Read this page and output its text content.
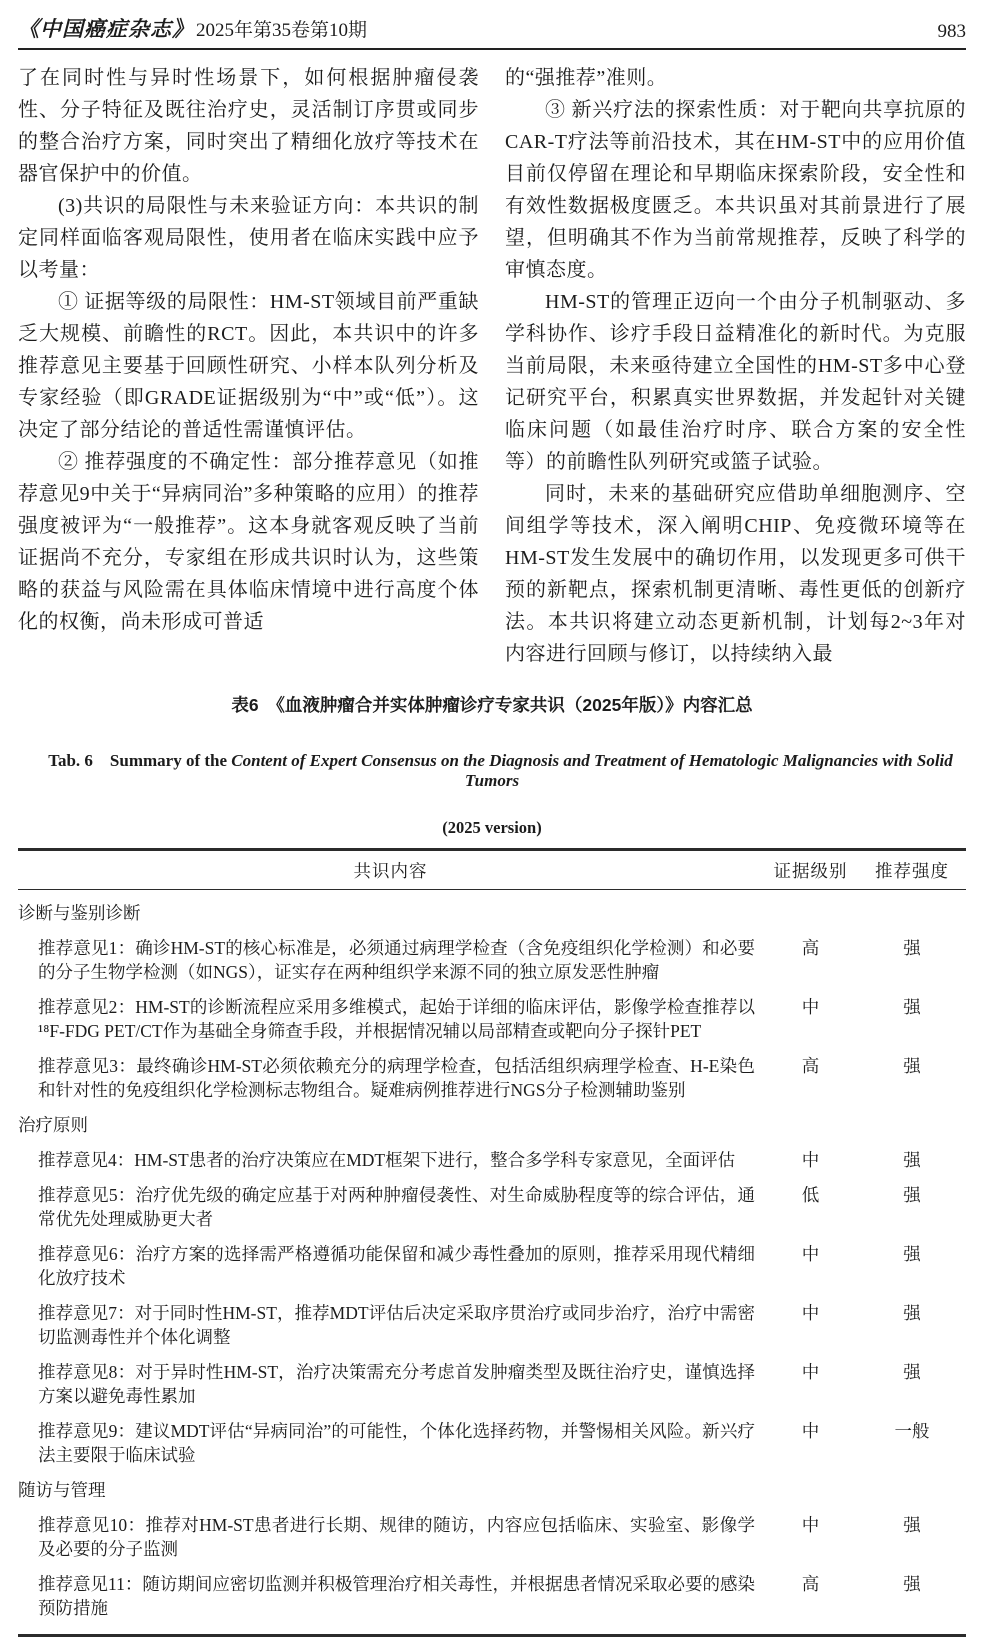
《中国癌症杂志》 2025年第35卷第10期	983

了在同时性与异时性场景下，如何根据肿瘤侵袭性、分子特征及既往治疗史，灵活制订序贯或同步的整合治疗方案，同时突出了精细化放疗等技术在器官保护中的价值。

(3)共识的局限性与未来验证方向：本共识的制定同样面临客观局限性，使用者在临床实践中应予以考量：

① 证据等级的局限性：HM-ST领域目前严重缺乏大规模、前瞻性的RCT。因此，本共识中的许多推荐意见主要基于回顾性研究、小样本队列分析及专家经验（即GRADE证据级别为“中”或“低”）。这决定了部分结论的普适性需谨慎评估。

② 推荐强度的不确定性：部分推荐意见（如推荐意见9中关于“异病同治”多种策略的应用）的推荐强度被评为“一般推荐”。这本身就客观反映了当前证据尚不充分，专家组在形成共识时认为，这些策略的获益与风险需在具体临床情境中进行高度个体化的权衡，尚未形成可普适

的“强推荐”准则。

③ 新兴疗法的探索性质：对于靶向共享抗原的CAR-T疗法等前沿技术，其在HM-ST中的应用价值目前仅停留在理论和早期临床探索阶段，安全性和有效性数据极度匮乏。本共识虽对其前景进行了展望，但明确其不作为当前常规推荐，反映了科学的审慎态度。

HM-ST的管理正迈向一个由分子机制驱动、多学科协作、诊疗手段日益精准化的新时代。为克服当前局限，未来亟待建立全国性的HM-ST多中心登记研究平台，积累真实世界数据，并发起针对关键临床问题（如最佳治疗时序、联合方案的安全性等）的前瞻性队列研究或篮子试验。

同时，未来的基础研究应借助单细胞测序、空间组学等技术，深入阐明CHIP、免疫微环境等在HM-ST发生发展中的确切作用，以发现更多可供干预的新靶点，探索机制更清晰、毒性更低的创新疗法。本共识将建立动态更新机制，计划每2~3年对内容进行回顾与修订，以持续纳入最

表6　《血液肿瘤合并实体肿瘤诊疗专家共识（2025年版）》内容汇总

Tab. 6　Summary of the Content of Expert Consensus on the Diagnosis and Treatment of Hematologic Malignancies with Solid Tumors

(2025 version)
共识内容	证据级别	推荐强度
诊断与鉴别诊断		
推荐意见1：确诊HM-ST的核心标准是，必须通过病理学检查（含免疫组织化学检测）和必要的分子生物学检测（如NGS），证实存在两种组织学来源不同的独立原发恶性肿瘤	高	强
推荐意见2：HM-ST的诊断流程应采用多维模式，起始于详细的临床评估，影像学检查推荐以¹⁸F-FDG PET/CT作为基础全身筛查手段，并根据情况辅以局部精查或靶向分子探针PET	中	强
推荐意见3：最终确诊HM-ST必须依赖充分的病理学检查，包括活组织病理学检查、H-E染色和针对性的免疫组织化学检测标志物组合。疑难病例推荐进行NGS分子检测辅助鉴别	高	强
治疗原则		
推荐意见4：HM-ST患者的治疗决策应在MDT框架下进行，整合多学科专家意见，全面评估	中	强
推荐意见5：治疗优先级的确定应基于对两种肿瘤侵袭性、对生命威胁程度等的综合评估，通常优先处理威胁更大者	低	强
推荐意见6：治疗方案的选择需严格遵循功能保留和减少毒性叠加的原则，推荐采用现代精细化放疗技术	中	强
推荐意见7：对于同时性HM-ST，推荐MDT评估后决定采取序贯治疗或同步治疗，治疗中需密切监测毒性并个体化调整	中	强
推荐意见8：对于异时性HM-ST，治疗决策需充分考虑首发肿瘤类型及既往治疗史，谨慎选择方案以避免毒性累加	中	强
推荐意见9：建议MDT评估“异病同治”的可能性，个体化选择药物，并警惕相关风险。新兴疗法主要限于临床试验	中	一般
随访与管理		
推荐意见10：推荐对HM-ST患者进行长期、规律的随访，内容应包括临床、实验室、影像学及必要的分子监测	中	强
推荐意见11：随访期间应密切监测并积极管理治疗相关毒性，并根据患者情况采取必要的感染预防措施	高	强
